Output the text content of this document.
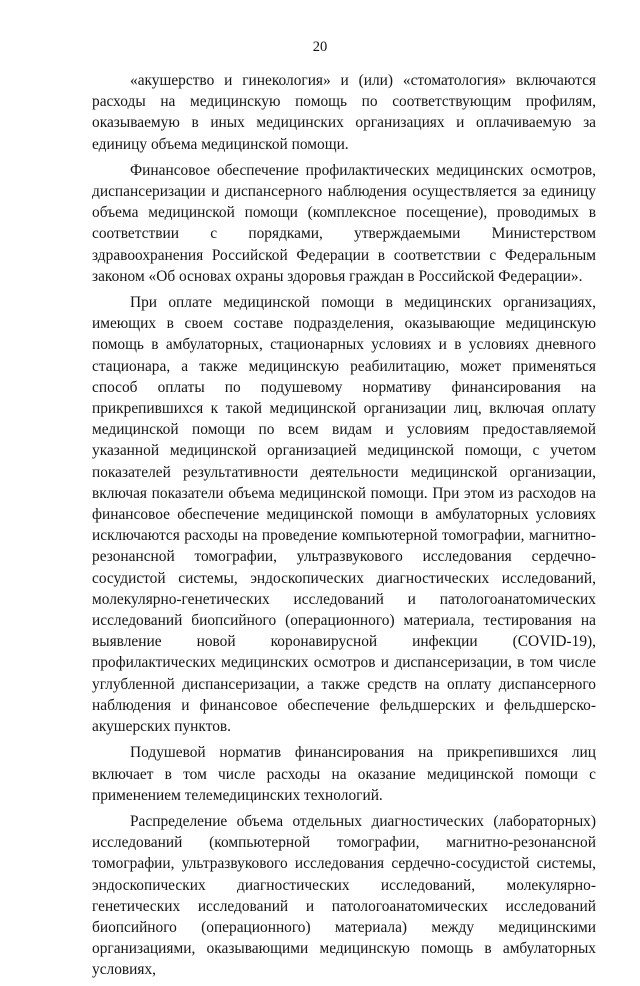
20

«акушерство и гинекология» и (или) «стоматология» включаются расходы на медицинскую помощь по соответствующим профилям, оказываемую в иных медицинских организациях и оплачиваемую за единицу объема медицинской помощи.

Финансовое обеспечение профилактических медицинских осмотров, диспансеризации и диспансерного наблюдения осуществляется за единицу объема медицинской помощи (комплексное посещение), проводимых в соответствии с порядками, утверждаемыми Министерством здравоохранения Российской Федерации в соответствии с Федеральным законом «Об основах охраны здоровья граждан в Российской Федерации».

При оплате медицинской помощи в медицинских организациях, имеющих в своем составе подразделения, оказывающие медицинскую помощь в амбулаторных, стационарных условиях и в условиях дневного стационара, а также медицинскую реабилитацию, может применяться способ оплаты по подушевому нормативу финансирования на прикрепившихся к такой медицинской организации лиц, включая оплату медицинской помощи по всем видам и условиям предоставляемой указанной медицинской организацией медицинской помощи, с учетом показателей результативности деятельности медицинской организации, включая показатели объема медицинской помощи. При этом из расходов на финансовое обеспечение медицинской помощи в амбулаторных условиях исключаются расходы на проведение компьютерной томографии, магнитно-резонансной томографии, ультразвукового исследования сердечно-сосудистой системы, эндоскопических диагностических исследований, молекулярно-генетических исследований и патологоанатомических исследований биопсийного (операционного) материала, тестирования на выявление новой коронавирусной инфекции (COVID-19), профилактических медицинских осмотров и диспансеризации, в том числе углубленной диспансеризации, а также средств на оплату диспансерного наблюдения и финансовое обеспечение фельдшерских и фельдшерско-акушерских пунктов.

Подушевой норматив финансирования на прикрепившихся лиц включает в том числе расходы на оказание медицинской помощи с применением телемедицинских технологий.

Распределение объема отдельных диагностических (лабораторных) исследований (компьютерной томографии, магнитно-резонансной томографии, ультразвукового исследования сердечно-сосудистой системы, эндоскопических диагностических исследований, молекулярно-генетических исследований и патологоанатомических исследований биопсийного (операционного) материала) между медицинскими организациями, оказывающими медицинскую помощь в амбулаторных условиях,
